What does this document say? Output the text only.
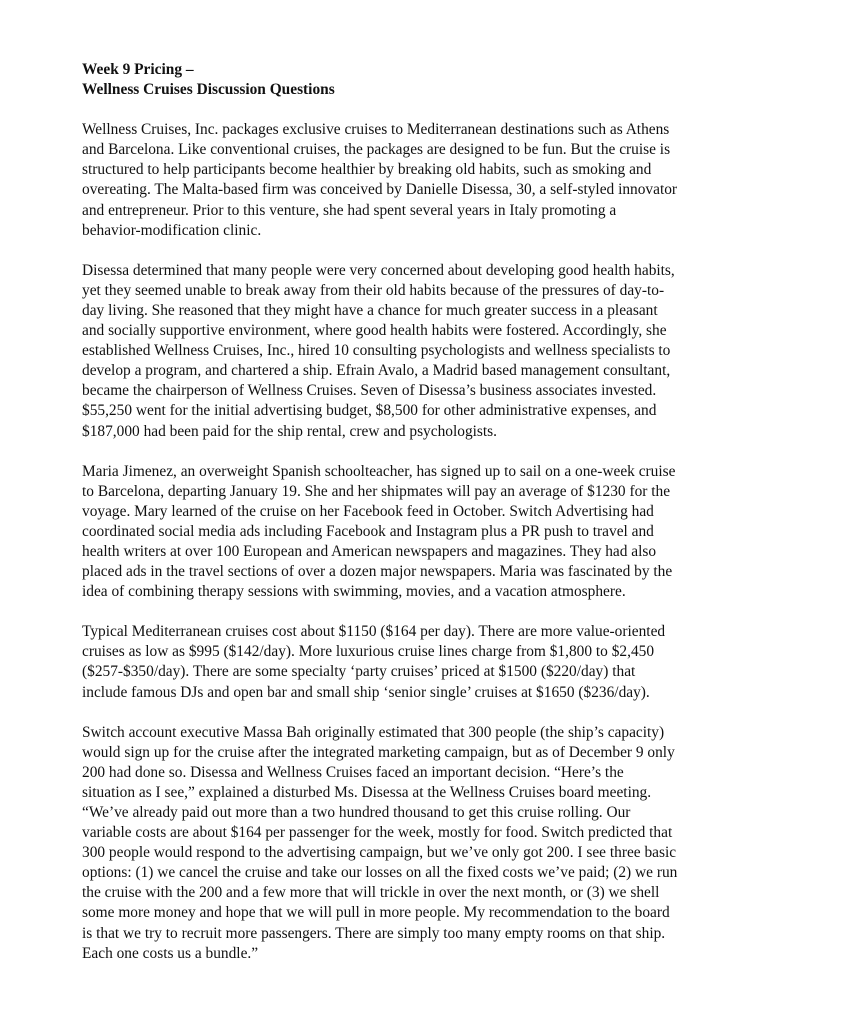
Week 9 Pricing –
Wellness Cruises Discussion Questions
Wellness Cruises, Inc. packages exclusive cruises to Mediterranean destinations such as Athens
and Barcelona. Like conventional cruises, the packages are designed to be fun. But the cruise is
structured to help participants become healthier by breaking old habits, such as smoking and
overeating. The Malta-based firm was conceived by Danielle Disessa, 30, a self-styled innovator
and entrepreneur. Prior to this venture, she had spent several years in Italy promoting a
behavior-modification clinic.
Disessa determined that many people were very concerned about developing good health habits,
yet they seemed unable to break away from their old habits because of the pressures of day-to-
day living. She reasoned that they might have a chance for much greater success in a pleasant
and socially supportive environment, where good health habits were fostered. Accordingly, she
established Wellness Cruises, Inc., hired 10 consulting psychologists and wellness specialists to
develop a program, and chartered a ship. Efrain Avalo, a Madrid based management consultant,
became the chairperson of Wellness Cruises. Seven of Disessa’s business associates invested.
$55,250 went for the initial advertising budget, $8,500 for other administrative expenses, and
$187,000 had been paid for the ship rental, crew and psychologists.
Maria Jimenez, an overweight Spanish schoolteacher, has signed up to sail on a one-week cruise
to Barcelona, departing January 19. She and her shipmates will pay an average of $1230 for the
voyage. Mary learned of the cruise on her Facebook feed in October. Switch Advertising had
coordinated social media ads including Facebook and Instagram plus a PR push to travel and
health writers at over 100 European and American newspapers and magazines. They had also
placed ads in the travel sections of over a dozen major newspapers. Maria was fascinated by the
idea of combining therapy sessions with swimming, movies, and a vacation atmosphere.
Typical Mediterranean cruises cost about $1150 ($164 per day). There are more value-oriented
cruises as low as $995 ($142/day). More luxurious cruise lines charge from $1,800 to $2,450
($257-$350/day). There are some specialty ‘party cruises’ priced at $1500 ($220/day) that
include famous DJs and open bar and small ship ‘senior single’ cruises at $1650 ($236/day).
Switch account executive Massa Bah originally estimated that 300 people (the ship’s capacity)
would sign up for the cruise after the integrated marketing campaign, but as of December 9 only
200 had done so. Disessa and Wellness Cruises faced an important decision. “Here’s the
situation as I see,” explained a disturbed Ms. Disessa at the Wellness Cruises board meeting.
“We’ve already paid out more than a two hundred thousand to get this cruise rolling. Our
variable costs are about $164 per passenger for the week, mostly for food. Switch predicted that
300 people would respond to the advertising campaign, but we’ve only got 200. I see three basic
options: (1) we cancel the cruise and take our losses on all the fixed costs we’ve paid; (2) we run
the cruise with the 200 and a few more that will trickle in over the next month, or (3) we shell
some more money and hope that we will pull in more people. My recommendation to the board
is that we try to recruit more passengers. There are simply too many empty rooms on that ship.
Each one costs us a bundle.”
